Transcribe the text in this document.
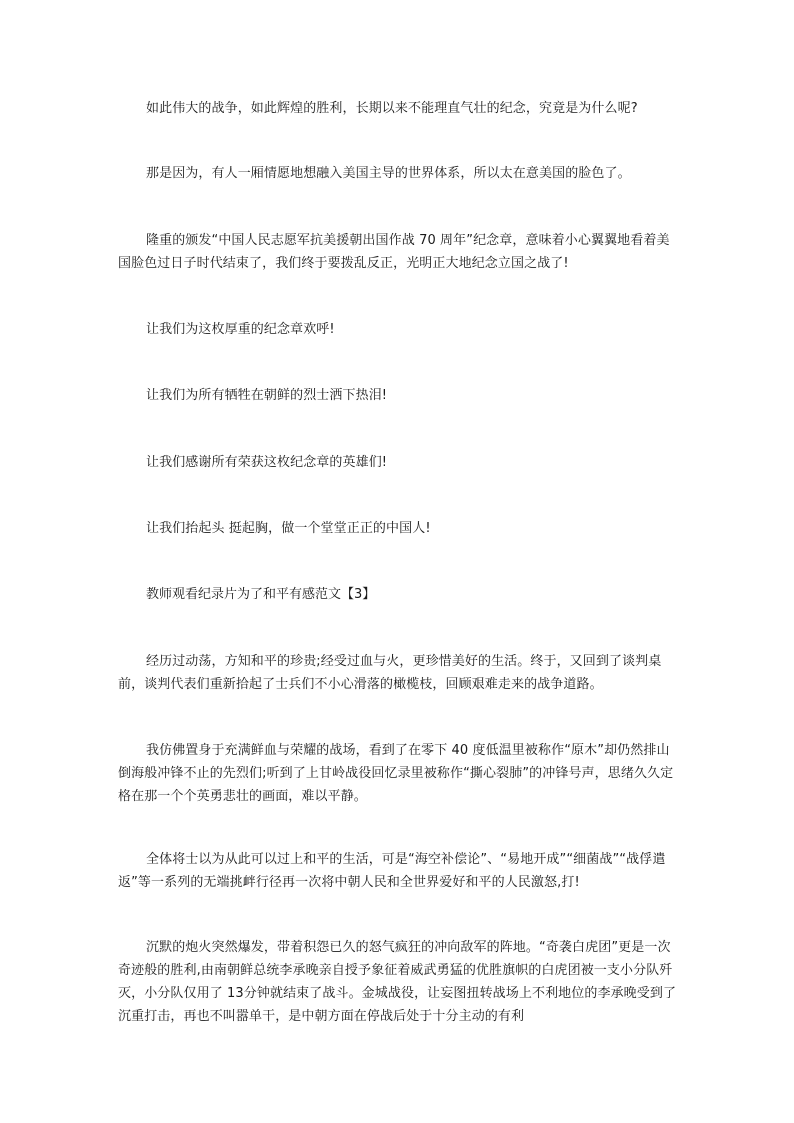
如此伟大的战争，如此辉煌的胜利，长期以来不能理直气壮的纪念，究竟是为什么呢?

那是因为，有人一厢情愿地想融入美国主导的世界体系，所以太在意美国的脸色了。

隆重的颁发“中国人民志愿军抗美援朝出国作战 70 周年”纪念章，意味着小心翼翼地看着美国脸色过日子时代结束了，我们终于要拨乱反正，光明正大地纪念立国之战了!

让我们为这枚厚重的纪念章欢呼!

让我们为所有牺牲在朝鲜的烈士洒下热泪!

让我们感谢所有荣获这枚纪念章的英雄们!

让我们抬起头 挺起胸，做一个堂堂正正的中国人!

教师观看纪录片为了和平有感范文【3】

经历过动荡，方知和平的珍贵;经受过血与火，更珍惜美好的生活。终于，又回到了谈判桌前，谈判代表们重新拾起了士兵们不小心滑落的橄榄枝，回顾艰难走来的战争道路。

我仿佛置身于充满鲜血与荣耀的战场，看到了在零下 40 度低温里被称作“原木”却仍然排山倒海般冲锋不止的先烈们;听到了上甘岭战役回忆录里被称作“撕心裂肺”的冲锋号声，思绪久久定格在那一个个英勇悲壮的画面，难以平静。

全体将士以为从此可以过上和平的生活，可是“海空补偿论”、“易地开成”“细菌战”“战俘遣返”等一系列的无端挑衅行径再一次将中朝人民和全世界爱好和平的人民激怒,打!

沉默的炮火突然爆发，带着积怨已久的怒气疯狂的冲向敌军的阵地。“奇袭白虎团”更是一次奇迹般的胜利,由南朝鲜总统李承晚亲自授予象征着威武勇猛的优胜旗帜的白虎团被一支小分队歼灭，小分队仅用了 13分钟就结束了战斗。金城战役，让妄图扭转战场上不利地位的李承晚受到了沉重打击，再也不叫嚣单干，是中朝方面在停战后处于十分主动的有利
